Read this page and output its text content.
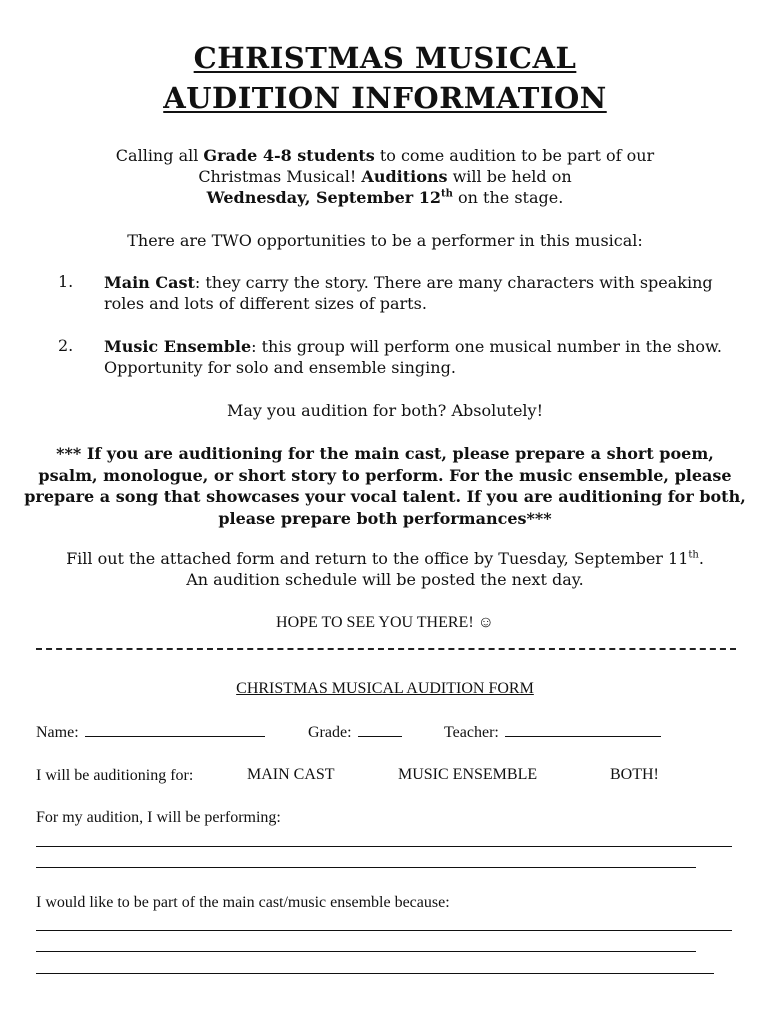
CHRISTMAS MUSICAL
AUDITION INFORMATION
Calling all Grade 4-8 students to come audition to be part of our
Christmas Musical! Auditions will be held on
Wednesday, September 12th on the stage.
There are TWO opportunities to be a performer in this musical:
1. Main Cast: they carry the story. There are many characters with speaking
roles and lots of different sizes of parts.
2. Music Ensemble: this group will perform one musical number in the show.
Opportunity for solo and ensemble singing.
May you audition for both? Absolutely!
*** If you are auditioning for the main cast, please prepare a short poem,
psalm, monologue, or short story to perform. For the music ensemble, please
prepare a song that showcases your vocal talent. If you are auditioning for both,
please prepare both performances***
Fill out the attached form and return to the office by Tuesday, September 11th.
An audition schedule will be posted the next day.
HOPE TO SEE YOU THERE! ☺
CHRISTMAS MUSICAL AUDITION FORM
Name:	Grade:	Teacher:
I will be auditioning for:	MAIN CAST	MUSIC ENSEMBLE	BOTH!
For my audition, I will be performing:
I would like to be part of the main cast/music ensemble because:
